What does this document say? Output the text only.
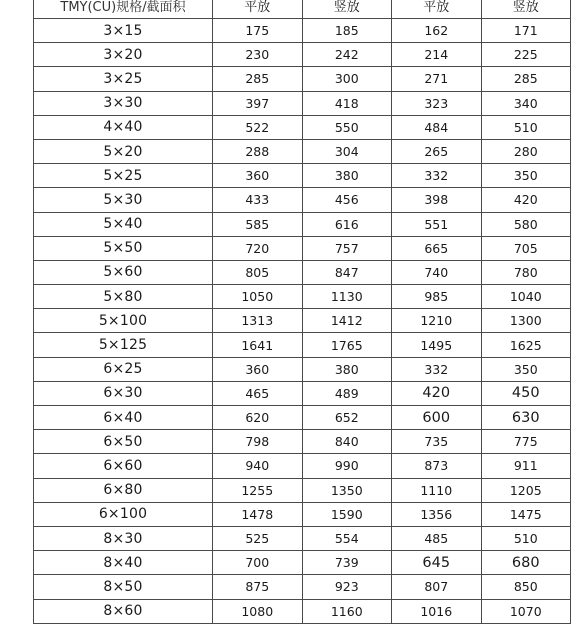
TMY(CU)规格/截面积	平放	竖放	平放	竖放
3×15	175	185	162	171
3×20	230	242	214	225
3×25	285	300	271	285
3×30	397	418	323	340
4×40	522	550	484	510
5×20	288	304	265	280
5×25	360	380	332	350
5×30	433	456	398	420
5×40	585	616	551	580
5×50	720	757	665	705
5×60	805	847	740	780
5×80	1050	1130	985	1040
5×100	1313	1412	1210	1300
5×125	1641	1765	1495	1625
6×25	360	380	332	350
6×30	465	489	420	450
6×40	620	652	600	630
6×50	798	840	735	775
6×60	940	990	873	911
6×80	1255	1350	1110	1205
6×100	1478	1590	1356	1475
8×30	525	554	485	510
8×40	700	739	645	680
8×50	875	923	807	850
8×60	1080	1160	1016	1070
